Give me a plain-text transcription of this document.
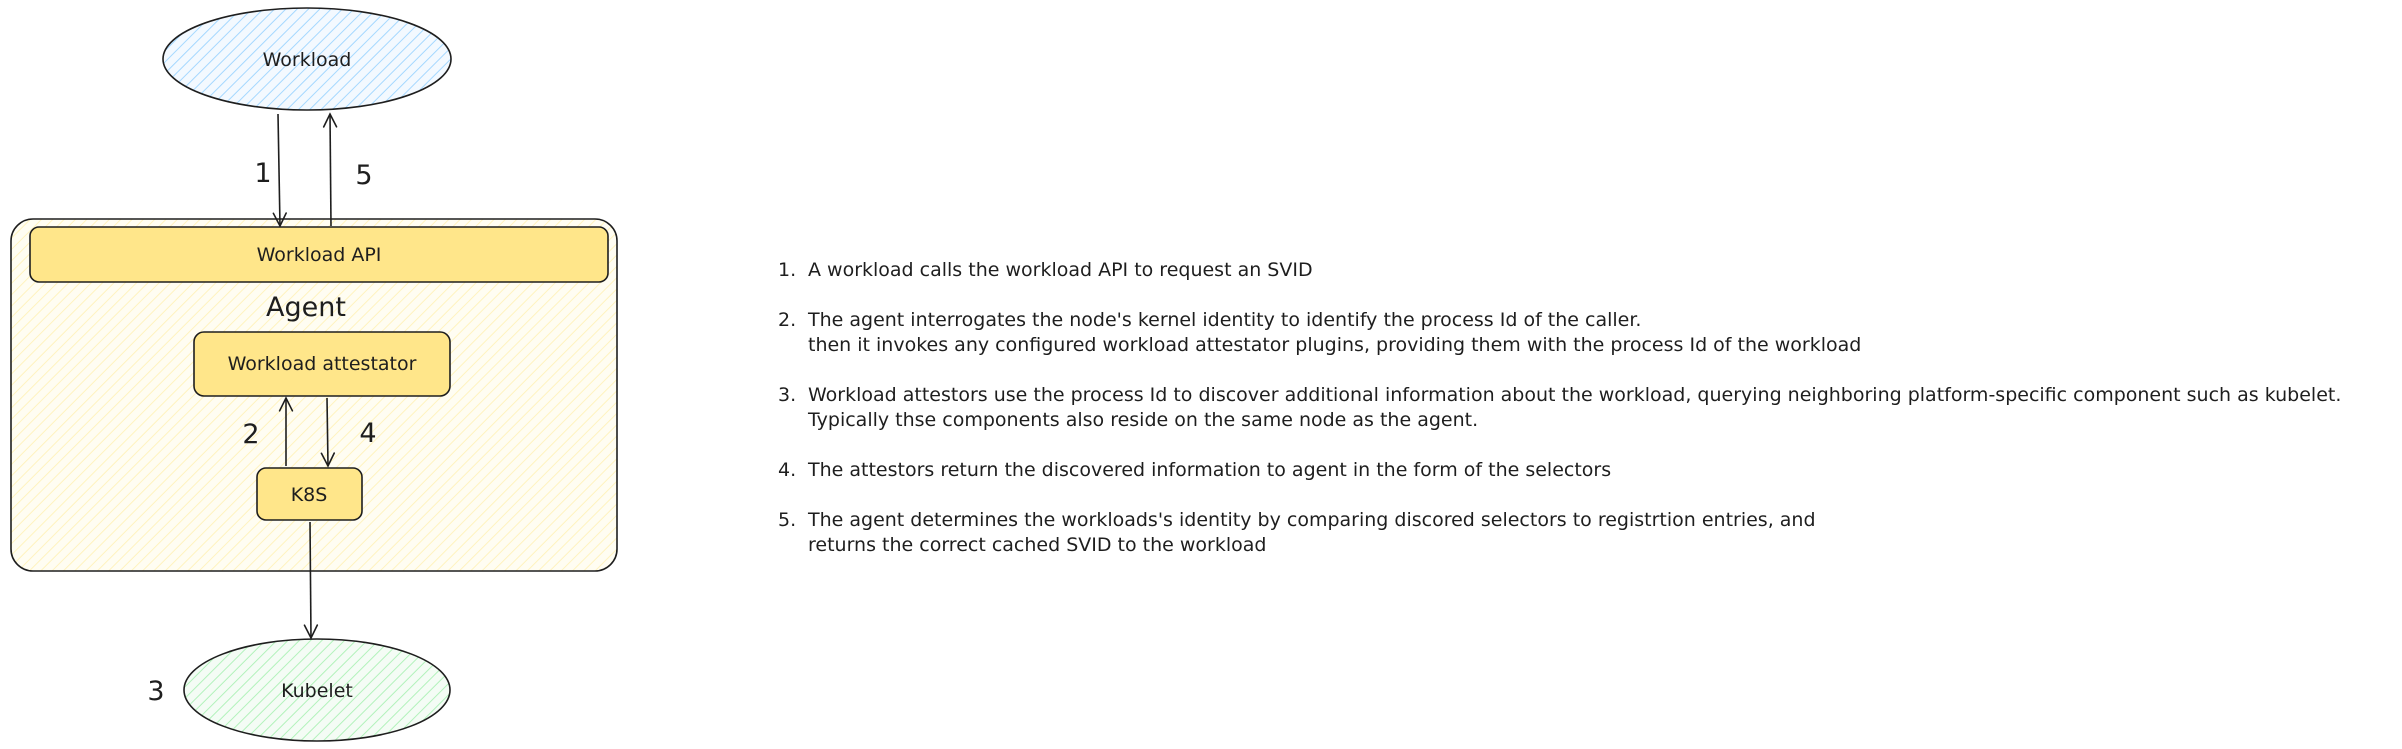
Workload
Agent
Workload API
Workload attestator
K8S
Kubelet
1	5
2	4
3
1. A workload calls the workload API to request an SVID
2. The agent interrogates the node's kernel identity to identify the process Id of the caller.
then it invokes any configured workload attestator plugins, providing them with the process Id of the workload
3. Workload attestors use the process Id to discover additional information about the workload, querying neighboring platform-specific component such as kubelet.
Typically thse components also reside on the same node as the agent.
4. The attestors return the discovered information to agent in the form of the selectors
5. The agent determines the workloads's identity by comparing discored selectors to registrtion entries, and
returns the correct cached SVID to the workload
